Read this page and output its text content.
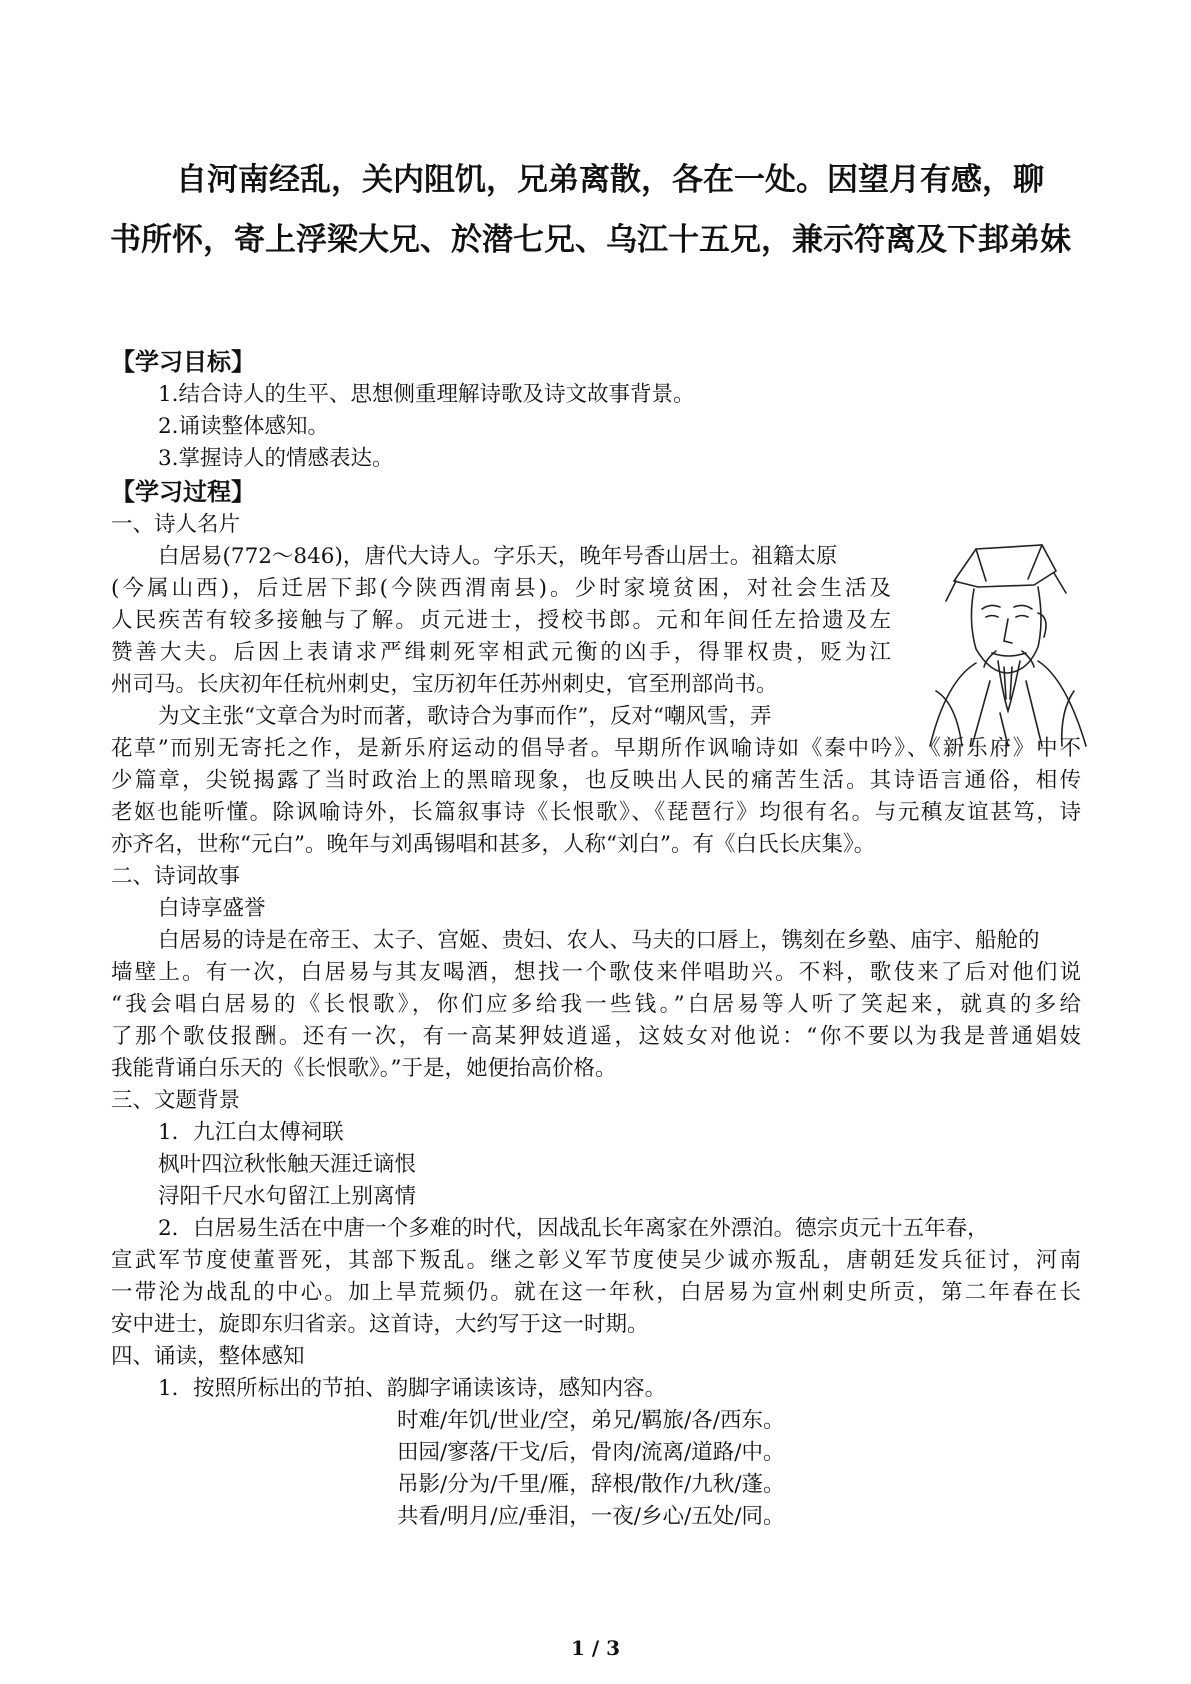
自河南经乱，关内阻饥，兄弟离散，各在一处。因望月有感，聊
书所怀，寄上浮梁大兄、於潜七兄、乌江十五兄，兼示符离及下邽弟妹
【学习目标】
1.结合诗人的生平、思想侧重理解诗歌及诗文故事背景。
2.诵读整体感知。
3.掌握诗人的情感表达。
【学习过程】
一、诗人名片
白居易(772～846)，唐代大诗人。字乐天，晚年号香山居士。祖籍太原
(今属山西)，后迁居下邽(今陕西渭南县)。少时家境贫困，对社会生活及
人民疾苦有较多接触与了解。贞元进士，授校书郎。元和年间任左拾遗及左
赞善大夫。后因上表请求严缉刺死宰相武元衡的凶手，得罪权贵，贬为江
州司马。长庆初年任杭州刺史，宝历初年任苏州刺史，官至刑部尚书。
为文主张“文章合为时而著，歌诗合为事而作”，反对“嘲风雪，弄
花草”而别无寄托之作，是新乐府运动的倡导者。早期所作讽喻诗如《秦中吟》、《新乐府》中不
少篇章，尖锐揭露了当时政治上的黑暗现象，也反映出人民的痛苦生活。其诗语言通俗，相传
老妪也能听懂。除讽喻诗外，长篇叙事诗《长恨歌》、《琵琶行》均很有名。与元稹友谊甚笃，诗
亦齐名，世称“元白”。晚年与刘禹锡唱和甚多，人称“刘白”。有《白氏长庆集》。
二、诗词故事
白诗享盛誉
白居易的诗是在帝王、太子、宫姬、贵妇、农人、马夫的口唇上，镌刻在乡塾、庙宇、船舱的
墙壁上。有一次，白居易与其友喝酒，想找一个歌伎来伴唱助兴。不料，歌伎来了后对他们说
“我会唱白居易的《长恨歌》，你们应多给我一些钱。”白居易等人听了笑起来，就真的多给
了那个歌伎报酬。还有一次，有一高某狎妓逍遥，这妓女对他说：“你不要以为我是普通娼妓
我能背诵白乐天的《长恨歌》。”于是，她便抬高价格。
三、文题背景
1．九江白太傅祠联
枫叶四泣秋怅触天涯迁谪恨
浔阳千尺水句留江上别离情
2．白居易生活在中唐一个多难的时代，因战乱长年离家在外漂泊。德宗贞元十五年春，
宣武军节度使董晋死，其部下叛乱。继之彰义军节度使吴少诚亦叛乱，唐朝廷发兵征讨，河南
一带沦为战乱的中心。加上旱荒频仍。就在这一年秋，白居易为宣州刺史所贡，第二年春在长
安中进士，旋即东归省亲。这首诗，大约写于这一时期。
四、诵读，整体感知
1．按照所标出的节拍、韵脚字诵读该诗，感知内容。
时难/年饥/世业/空，弟兄/羁旅/各/西东。
田园/寥落/干戈/后，骨肉/流离/道路/中。
吊影/分为/千里/雁，辞根/散作/九秋/蓬。
共看/明月/应/垂泪，一夜/乡心/五处/同。
1 / 3
